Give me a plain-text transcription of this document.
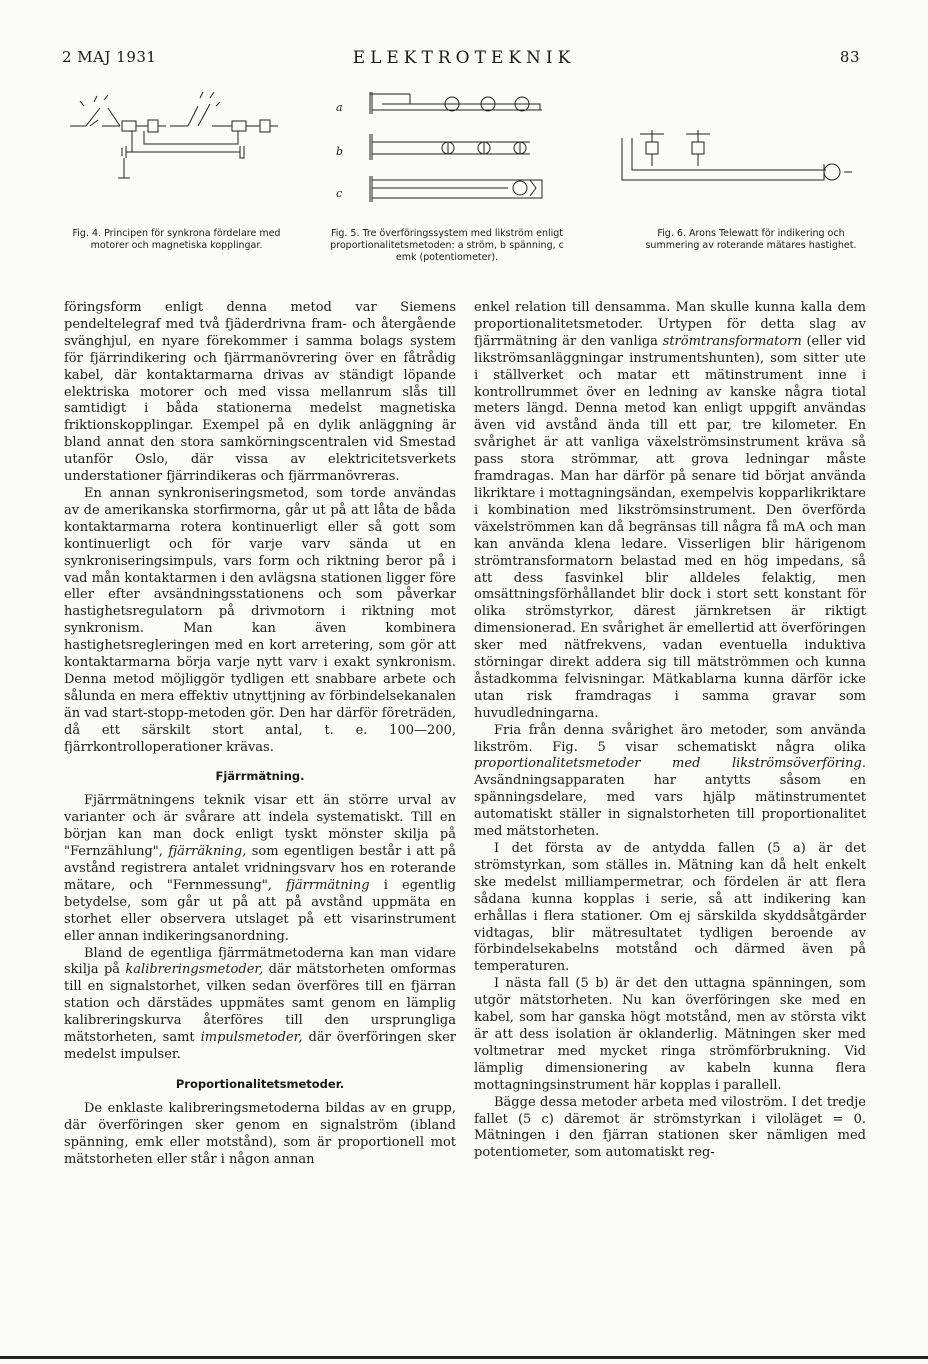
2 MAJ 1931	ELEKTROTEKNIK	83
Fig. 4. Principen för synkrona fördelare med motorer och magnetiska kopplingar.
a
b
c
Fig. 5. Tre överföringssystem med likström enligt proportionalitetsmetoden: a ström, b spänning, c emk (potentiometer).
Fig. 6. Arons Telewatt för indikering och summering av roterande mätares hastighet.

föringsform enligt denna metod var Siemens pendeltelegraf med två fjäderdrivna fram- och återgående svänghjul, en nyare förekommer i samma bolags system för fjärrindikering och fjärrmanövrering över en fåtrådig kabel, där kontaktarmarna drivas av ständigt löpande elektriska motorer och med vissa mellanrum slås till samtidigt i båda stationerna medelst magnetiska friktionskopplingar. Exempel på en dylik anläggning är bland annat den stora samkörningscentralen vid Smestad utanför Oslo, där vissa av elektricitetsverkets understationer fjärrindikeras och fjärrmanövreras.

En annan synkroniseringsmetod, som torde användas av de amerikanska storfirmorna, går ut på att låta de båda kontaktarmarna rotera kontinuerligt eller så gott som kontinuerligt och för varje varv sända ut en synkroniseringsimpuls, vars form och riktning beror på i vad mån kontaktarmen i den avlägsna stationen ligger före eller efter avsändningsstationens och som påverkar hastighetsregulatorn på drivmotorn i riktning mot synkronism. Man kan även kombinera hastighetsregleringen med en kort arretering, som gör att kontaktarmarna börja varje nytt varv i exakt synkronism. Denna metod möjliggör tydligen ett snabbare arbete och sålunda en mera effektiv utnyttjning av förbindelsekanalen än vad start-stopp-metoden gör. Den har därför företräden, då ett särskilt stort antal, t. e. 100—200, fjärrkontrolloperationer krävas.

Fjärrmätning.

Fjärrmätningens teknik visar ett än större urval av varianter och är svårare att indela systematiskt. Till en början kan man dock enligt tyskt mönster skilja på "Fernzählung", fjärräkning, som egentligen består i att på avstånd registrera antalet vridningsvarv hos en roterande mätare, och "Fernmessung", fjärrmätning i egentlig betydelse, som går ut på att på avstånd uppmäta en storhet eller observera utslaget på ett visarinstrument eller annan indikeringsanordning.

Bland de egentliga fjärrmätmetoderna kan man vidare skilja på kalibreringsmetoder, där mätstorheten omformas till en signalstorhet, vilken sedan överföres till en fjärran station och därstädes uppmätes samt genom en lämplig kalibreringskurva återföres till den ursprungliga mätstorheten, samt impulsmetoder, där överföringen sker medelst impulser.

Proportionalitetsmetoder.

De enklaste kalibreringsmetoderna bildas av en grupp, där överföringen sker genom en signalström (ibland spänning, emk eller motstånd), som är proportionell mot mätstorheten eller står i någon annan

enkel relation till densamma. Man skulle kunna kalla dem proportionalitetsmetoder. Urtypen för detta slag av fjärrmätning är den vanliga strömtransformatorn (eller vid likströmsanläggningar instrumentshunten), som sitter ute i ställverket och matar ett mätinstrument inne i kontrollrummet över en ledning av kanske några tiotal meters längd. Denna metod kan enligt uppgift användas även vid avstånd ända till ett par, tre kilometer. En svårighet är att vanliga växelströmsinstrument kräva så pass stora strömmar, att grova ledningar måste framdragas. Man har därför på senare tid börjat använda likriktare i mottagningsändan, exempelvis kopparlikriktare i kombination med likströmsinstrument. Den överförda växelströmmen kan då begränsas till några få mA och man kan använda klena ledare. Visserligen blir härigenom strömtransformatorn belastad med en hög impedans, så att dess fasvinkel blir alldeles felaktig, men omsättningsförhållandet blir dock i stort sett konstant för olika strömstyrkor, därest järnkretsen är riktigt dimensionerad. En svårighet är emellertid att överföringen sker med nätfrekvens, vadan eventuella induktiva störningar direkt addera sig till mätströmmen och kunna åstadkomma felvisningar. Mätkablarna kunna därför icke utan risk framdragas i samma gravar som huvudledningarna.

Fria från denna svårighet äro metoder, som använda likström. Fig. 5 visar schematiskt några olika proportionalitetsmetoder med likströmsöverföring. Avsändningsapparaten har antytts såsom en spänningsdelare, med vars hjälp mätinstrumentet automatiskt ställer in signalstorheten till proportionalitet med mätstorheten.

I det första av de antydda fallen (5 a) är det strömstyrkan, som ställes in. Mätning kan då helt enkelt ske medelst milliampermetrar, och fördelen är att flera sådana kunna kopplas i serie, så att indikering kan erhållas i flera stationer. Om ej särskilda skyddsåtgärder vidtagas, blir mätresultatet tydligen beroende av förbindelsekabelns motstånd och därmed även på temperaturen.

I nästa fall (5 b) är det den uttagna spänningen, som utgör mätstorheten. Nu kan överföringen ske med en kabel, som har ganska högt motstånd, men av största vikt är att dess isolation är oklanderlig. Mätningen sker med voltmetrar med mycket ringa strömförbrukning. Vid lämplig dimensionering av kabeln kunna flera mottagningsinstrument här kopplas i parallell.

Bägge dessa metoder arbeta med viloström. I det tredje fallet (5 c) däremot är strömstyrkan i viloläget = 0. Mätningen i den fjärran stationen sker nämligen med potentiometer, som automatiskt reg-
